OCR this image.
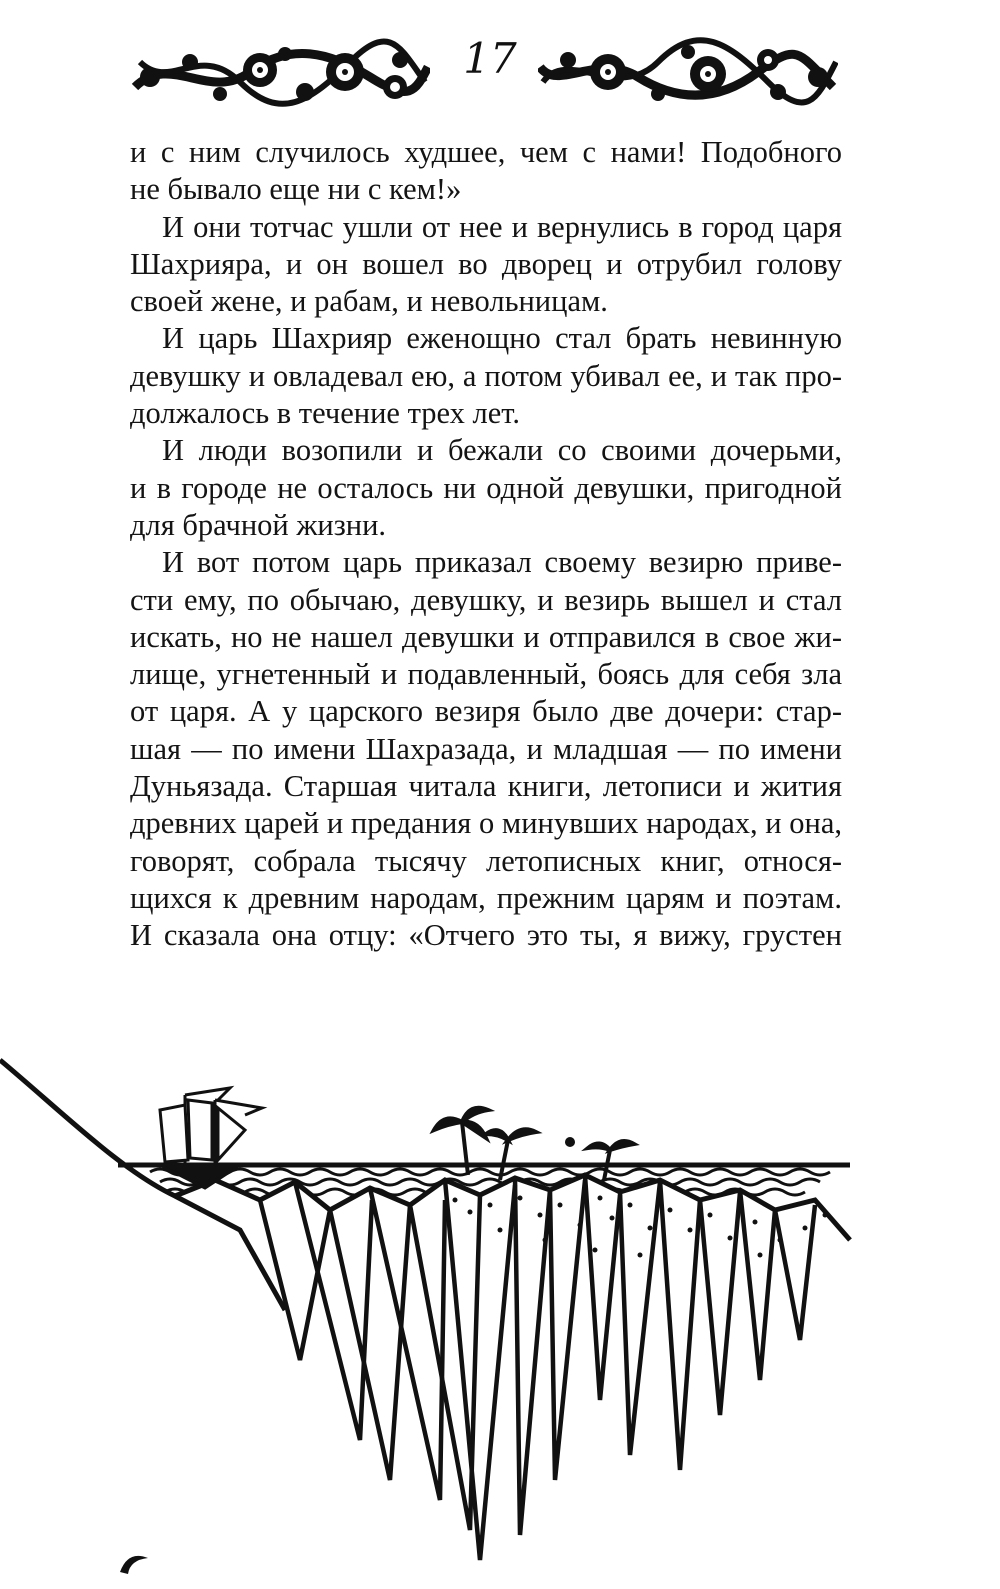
17
и с ним случилось худшее, чем с нами! Подобного
не бывало еще ни с кем!»
И они тотчас ушли от нее и вернулись в город царя
Шахрияра, и он вошел во дворец и отрубил голову
своей жене, и рабам, и невольницам.
И царь Шахрияр еженощно стал брать невинную
девушку и овладевал ею, а потом убивал ее, и так про-
должалось в течение трех лет.
И люди возопили и бежали со своими дочерьми,
и в городе не осталось ни одной девушки, пригодной
для брачной жизни.
И вот потом царь приказал своему везирю приве-
сти ему, по обычаю, девушку, и везирь вышел и стал
искать, но не нашел девушки и отправился в свое жи-
лище, угнетенный и подавленный, боясь для себя зла
от царя. А у царского везиря было две дочери: стар-
шая — по имени Шахразада, и младшая — по имени
Дуньязада. Старшая читала книги, летописи и жития
древних царей и предания о минувших народах, и она,
говорят, собрала тысячу летописных книг, относя-
щихся к древним народам, прежним царям и поэтам.
И сказала она отцу: «Отчего это ты, я вижу, грустен
